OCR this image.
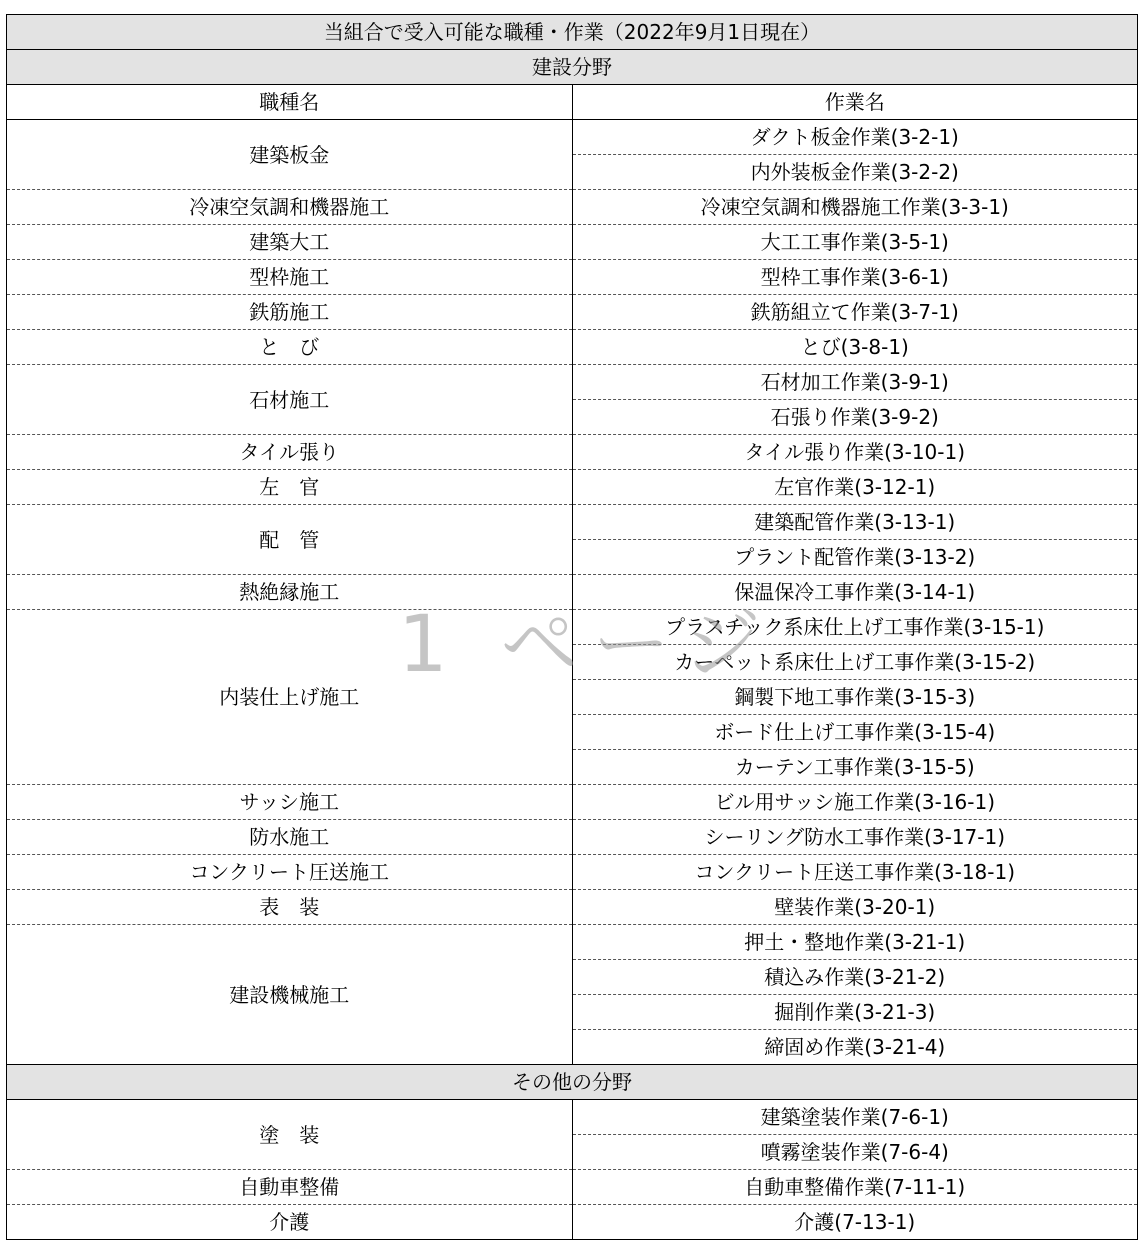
当組合で受入可能な職種・作業（2022年9月1日現在）	
建設分野	
職種名	作業名
建築板金	ダクト板金作業(3-2-1)
	内外装板金作業(3-2-2)
冷凍空気調和機器施工	冷凍空気調和機器施工作業(3-3-1)
建築大工	大工工事作業(3-5-1)
型枠施工	型枠工事作業(3-6-1)
鉄筋施工	鉄筋組立て作業(3-7-1)
と　び	とび(3-8-1)
石材施工	石材加工作業(3-9-1)
	石張り作業(3-9-2)
タイル張り	タイル張り作業(3-10-1)
左　官	左官作業(3-12-1)
配　管	建築配管作業(3-13-1)
	プラント配管作業(3-13-2)
熱絶縁施工	保温保冷工事作業(3-14-1)
内装仕上げ施工	プラスチック系床仕上げ工事作業(3-15-1)
	カーペット系床仕上げ工事作業(3-15-2)
	鋼製下地工事作業(3-15-3)
	ボード仕上げ工事作業(3-15-4)
	カーテン工事作業(3-15-5)
サッシ施工	ビル用サッシ施工作業(3-16-1)
防水施工	シーリング防水工事作業(3-17-1)
コンクリート圧送施工	コンクリート圧送工事作業(3-18-1)
表　装	壁装作業(3-20-1)
建設機械施工	押土・整地作業(3-21-1)
	積込み作業(3-21-2)
	掘削作業(3-21-3)
	締固め作業(3-21-4)
その他の分野	
塗　装	建築塗装作業(7-6-1)
	噴霧塗装作業(7-6-4)
自動車整備	自動車整備作業(7-11-1)
介護	介護(7-13-1)
1 ページ
